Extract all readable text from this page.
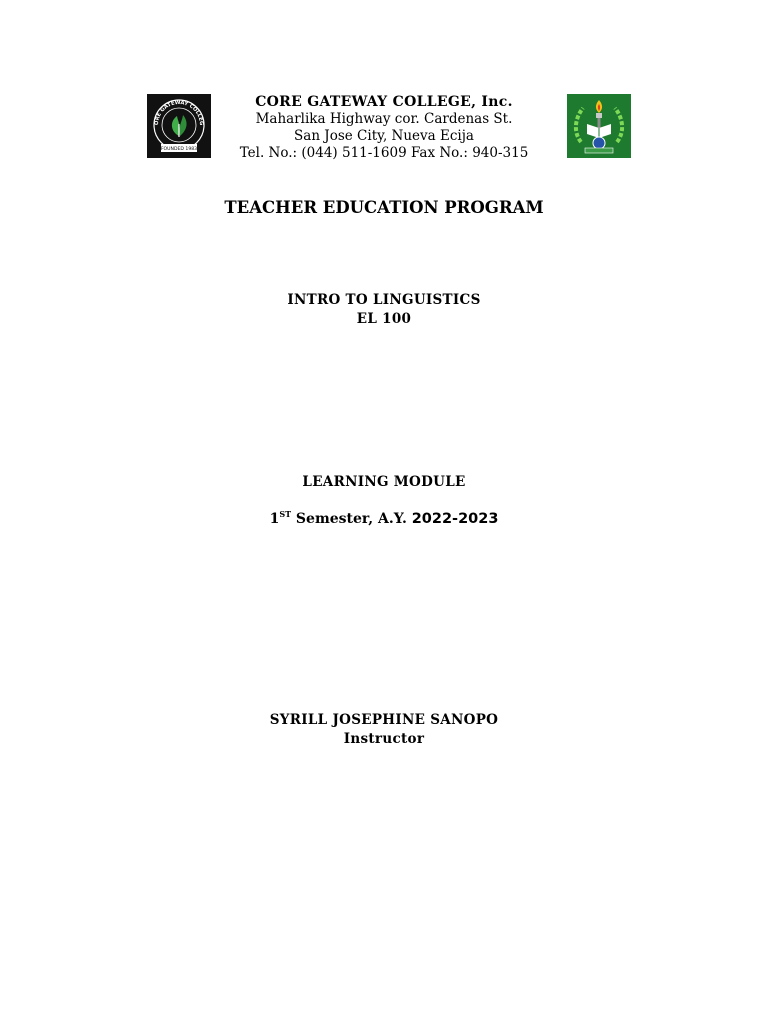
ORE GATEWAY COLLEG
FOUNDED 1983
CORE GATEWAY COLLEGE, Inc.
Maharlika Highway cor. Cardenas St.
San Jose City, Nueva Ecija
Tel. No.: (044) 511-1609 Fax No.: 940-315
TEACHER EDUCATION PROGRAM
INTRO TO LINGUISTICS
EL 100
LEARNING MODULE
1ST Semester, A.Y. 2022-2023
SYRILL JOSEPHINE SANOPO
Instructor
